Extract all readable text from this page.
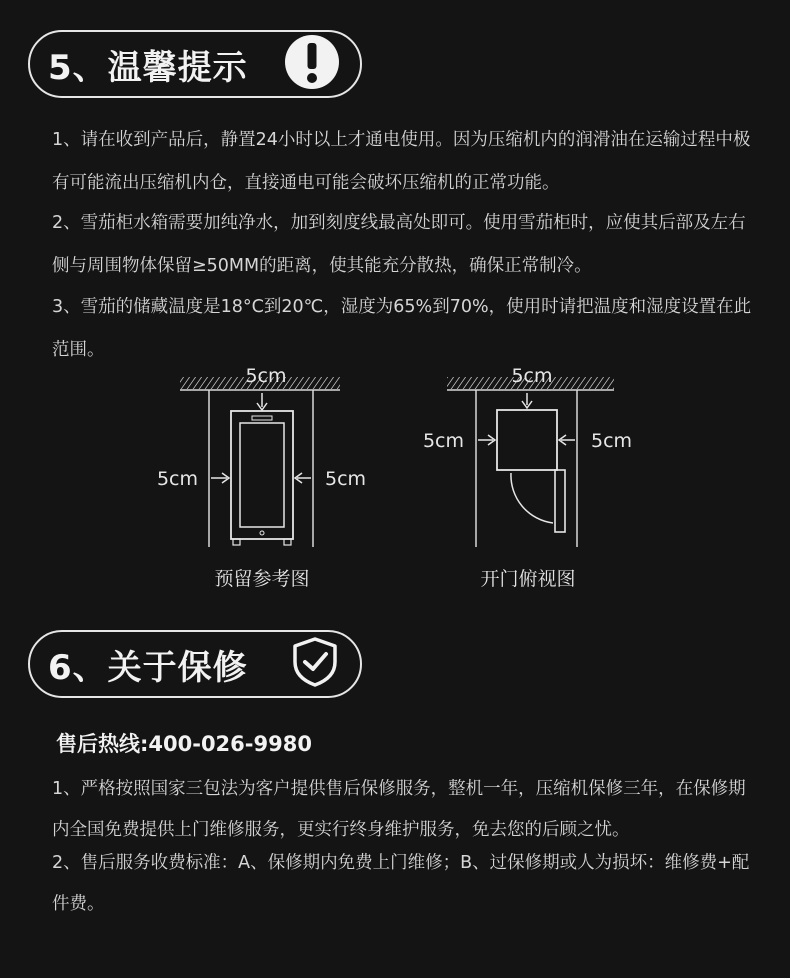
5、温馨提示

1、请在收到产品后，静置24小时以上才通电使用。因为压缩机内的润滑油在运输过程中极有可能流出压缩机内仓，直接通电可能会破坏压缩机的正常功能。

2、雪茄柜水箱需要加纯净水，加到刻度线最高处即可。使用雪茄柜时，应使其后部及左右侧与周围物体保留≥50MM的距离，使其能充分散热，确保正常制冷。

3、雪茄的储藏温度是18°C到20℃，湿度为65%到70%，使用时请把温度和湿度设置在此范围。

5cm
5cm	5cm
预留参考图
5cm
5cm	5cm
开门俯视图
6、关于保修
售后热线:400-026-9980

1、严格按照国家三包法为客户提供售后保修服务，整机一年，压缩机保修三年，在保修期内全国免费提供上门维修服务，更实行终身维护服务，免去您的后顾之忧。

2、售后服务收费标准：A、保修期内免费上门维修；B、过保修期或人为损坏：维修费+配件费。
